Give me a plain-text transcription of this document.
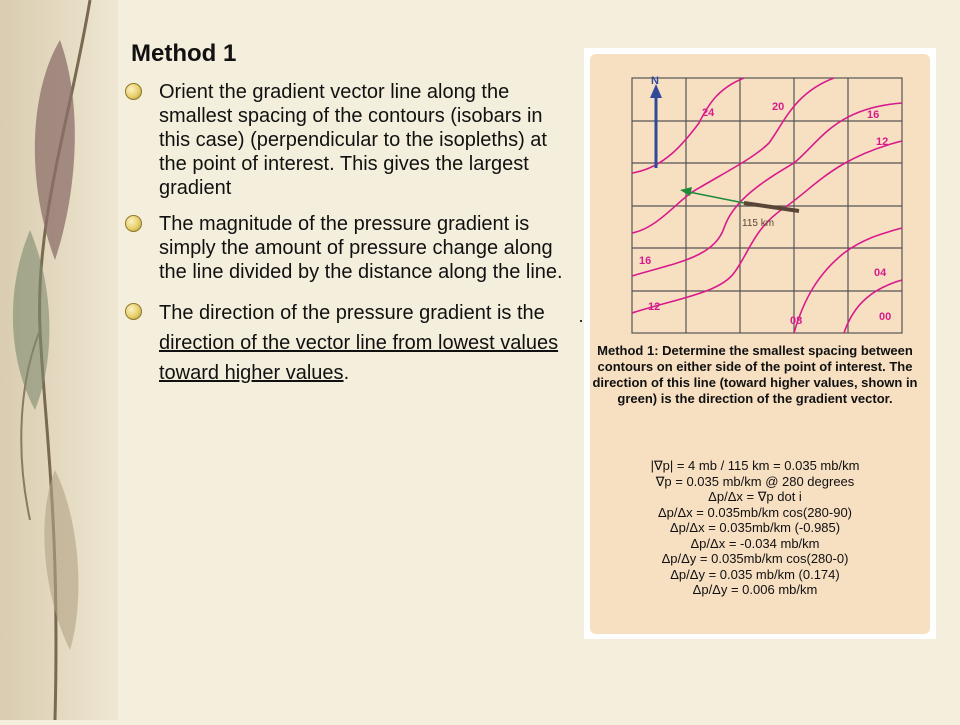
Method 1
Orient the gradient vector line along the smallest spacing of the contours (isobars in this case) (perpendicular to the isopleths) at the point of interest. This gives the largest gradient
The magnitude of the pressure gradient is simply the amount of pressure change along the line divided by the distance along the line.
The direction of the pressure gradient is the direction of the vector line from lowest values toward higher values.
N
24	20
16
12
16
12
04
08	00
115 km
Method 1: Determine the smallest spacing between contours on either side of the point of interest. The direction of this line (toward higher values, shown in green) is the direction of the gradient vector.
|∇p| = 4 mb / 115 km = 0.035 mb/km
∇p = 0.035 mb/km @ 280 degrees
Δp/Δx = ∇p dot i
Δp/Δx = 0.035mb/km cos(280-90)
Δp/Δx = 0.035mb/km (-0.985)
Δp/Δx = -0.034 mb/km
Δp/Δy = 0.035mb/km cos(280-0)
Δp/Δy = 0.035 mb/km (0.174)
Δp/Δy = 0.006 mb/km
